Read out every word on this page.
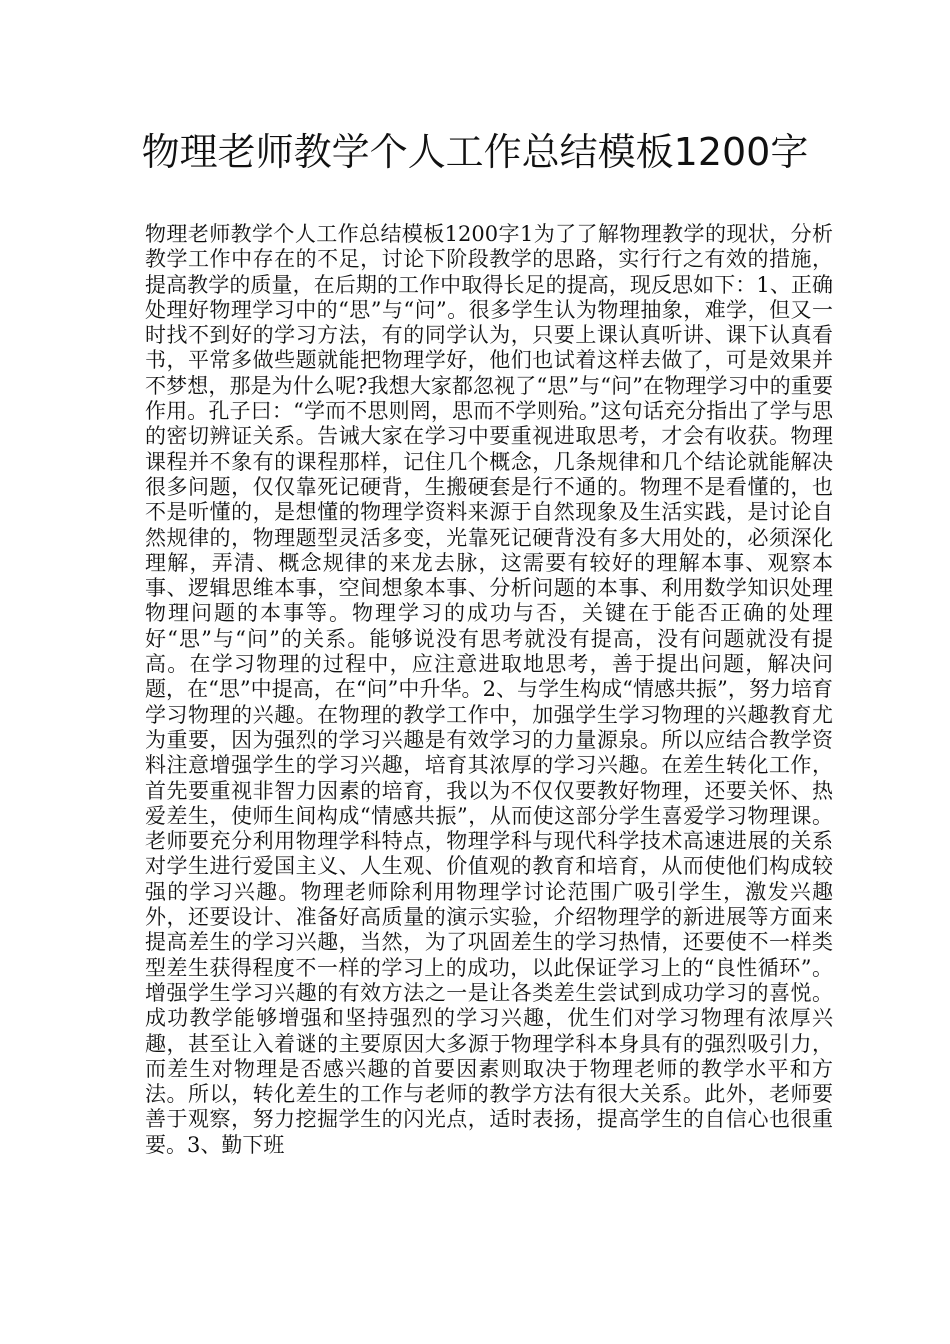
物理老师教学个人工作总结模板1200字

物理老师教学个人工作总结模板1200字1为了了解物理教学的现状，分析教学工作中存在的不足，讨论下阶段教学的思路，实行行之有效的措施，提高教学的质量，在后期的工作中取得长足的提高，现反思如下：1、正确处理好物理学习中的“思”与“问”。很多学生认为物理抽象，难学，但又一时找不到好的学习方法，有的同学认为，只要上课认真听讲、课下认真看书，平常多做些题就能把物理学好，他们也试着这样去做了，可是效果并不梦想，那是为什么呢?我想大家都忽视了“思”与“问”在物理学习中的重要作用。孔子曰：“学而不思则罔，思而不学则殆。”这句话充分指出了学与思的密切辨证关系。告诫大家在学习中要重视进取思考，才会有收获。物理课程并不象有的课程那样，记住几个概念，几条规律和几个结论就能解决很多问题，仅仅靠死记硬背，生搬硬套是行不通的。物理不是看懂的，也不是听懂的，是想懂的物理学资料来源于自然现象及生活实践，是讨论自然规律的，物理题型灵活多变，光靠死记硬背没有多大用处的，必须深化理解，弄清、概念规律的来龙去脉，这需要有较好的理解本事、观察本事、逻辑思维本事，空间想象本事、分析问题的本事、利用数学知识处理物理问题的本事等。物理学习的成功与否，关键在于能否正确的处理好“思”与“问”的关系。能够说没有思考就没有提高，没有问题就没有提高。在学习物理的过程中，应注意进取地思考，善于提出问题，解决问题，在“思”中提高，在“问”中升华。2、与学生构成“情感共振”，努力培育学习物理的兴趣。在物理的教学工作中，加强学生学习物理的兴趣教育尤为重要，因为强烈的学习兴趣是有效学习的力量源泉。所以应结合教学资料注意增强学生的学习兴趣，培育其浓厚的学习兴趣。在差生转化工作，首先要重视非智力因素的培育，我以为不仅仅要教好物理，还要关怀、热爱差生，使师生间构成“情感共振”，从而使这部分学生喜爱学习物理课。老师要充分利用物理学科特点，物理学科与现代科学技术高速进展的关系对学生进行爱国主义、人生观、价值观的教育和培育，从而使他们构成较强的学习兴趣。物理老师除利用物理学讨论范围广吸引学生，激发兴趣外，还要设计、准备好高质量的演示实验，介绍物理学的新进展等方面来提高差生的学习兴趣，当然，为了巩固差生的学习热情，还要使不一样类型差生获得程度不一样的学习上的成功，以此保证学习上的“良性循环”。增强学生学习兴趣的有效方法之一是让各类差生尝试到成功学习的喜悦。成功教学能够增强和坚持强烈的学习兴趣，优生们对学习物理有浓厚兴趣，甚至让入着谜的主要原因大多源于物理学科本身具有的强烈吸引力，而差生对物理是否感兴趣的首要因素则取决于物理老师的教学水平和方法。所以，转化差生的工作与老师的教学方法有很大关系。此外，老师要善于观察，努力挖掘学生的闪光点，适时表扬，提高学生的自信心也很重要。3、勤下班
